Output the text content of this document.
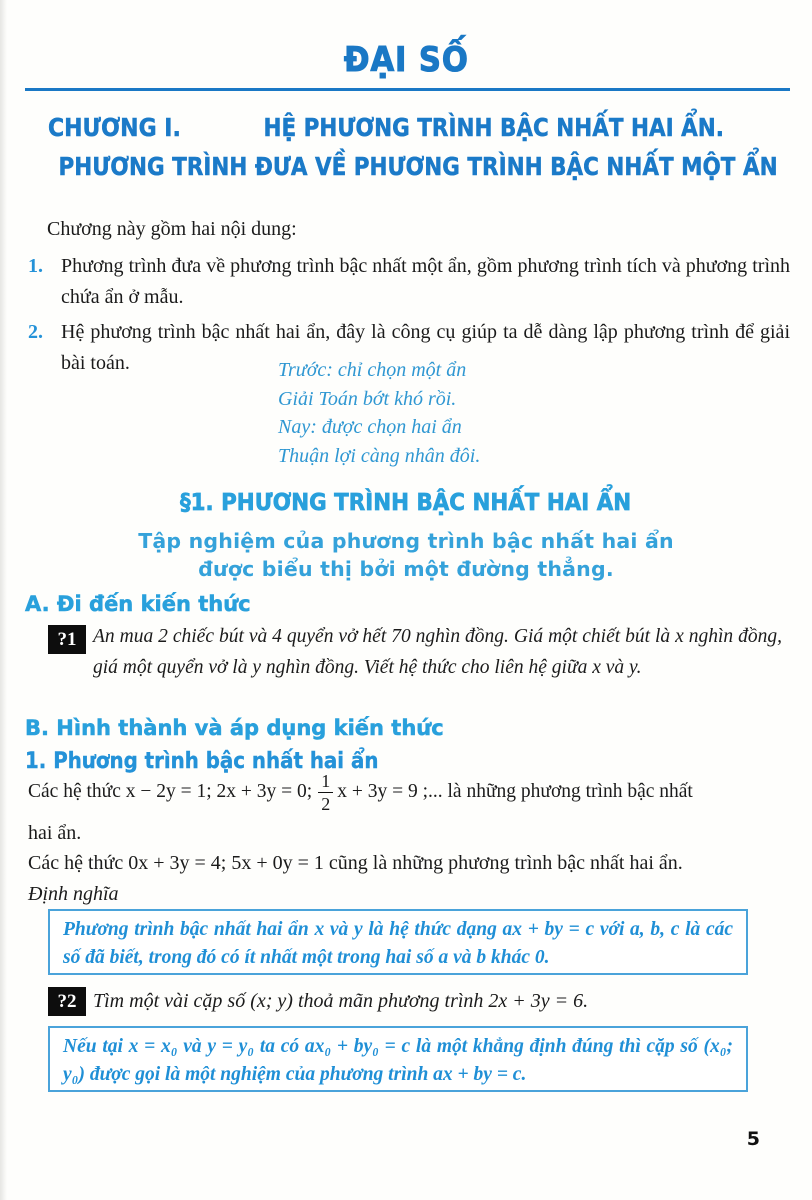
ĐẠI SỐ
CHƯƠNG I.	HỆ PHƯƠNG TRÌNH BẬC NHẤT HAI ẨN.
PHƯƠNG TRÌNH ĐƯA VỀ PHƯƠNG TRÌNH BẬC NHẤT MỘT ẨN
Chương này gồm hai nội dung:
1. Phương trình đưa về phương trình bậc nhất một ẩn, gồm phương trình tích và phương trình chứa ẩn ở mẫu.
2. Hệ phương trình bậc nhất hai ẩn, đây là công cụ giúp ta dễ dàng lập phương trình để giải bài toán.	Trước: chỉ chọn một ẩn
Giải Toán bớt khó rồi.
Nay: được chọn hai ẩn
Thuận lợi càng nhân đôi.
§1. PHƯƠNG TRÌNH BẬC NHẤT HAI ẨN
Tập nghiệm của phương trình bậc nhất hai ẩn
được biểu thị bởi một đường thẳng.
A. Đi đến kiến thức
?1 An mua 2 chiếc bút và 4 quyển vở hết 70 nghìn đồng. Giá một chiết bút là x nghìn đồng, giá một quyển vở là y nghìn đồng. Viết hệ thức cho liên hệ giữa x và y.
B. Hình thành và áp dụng kiến thức
1. Phương trình bậc nhất hai ẩn
Các hệ thức x − 2y = 1; 2x + 3y = 0; $\frac{1}{2}$ x + 3y = 9 ;... là những phương trình bậc nhất
hai ẩn.
Các hệ thức 0x + 3y = 4; 5x + 0y = 1 cũng là những phương trình bậc nhất hai ẩn.
Định nghĩa
Phương trình bậc nhất hai ẩn x và y là hệ thức dạng ax + by = c với a, b, c là các số đã biết, trong đó có ít nhất một trong hai số a và b khác 0.
?2 Tìm một vài cặp số (x; y) thoả mãn phương trình 2x + 3y = 6.
Nếu tại x = x₀ và y = y₀ ta có ax₀ + by₀ = c là một khẳng định đúng thì cặp số (x₀; y₀) được gọi là một nghiệm của phương trình ax + by = c.
5
